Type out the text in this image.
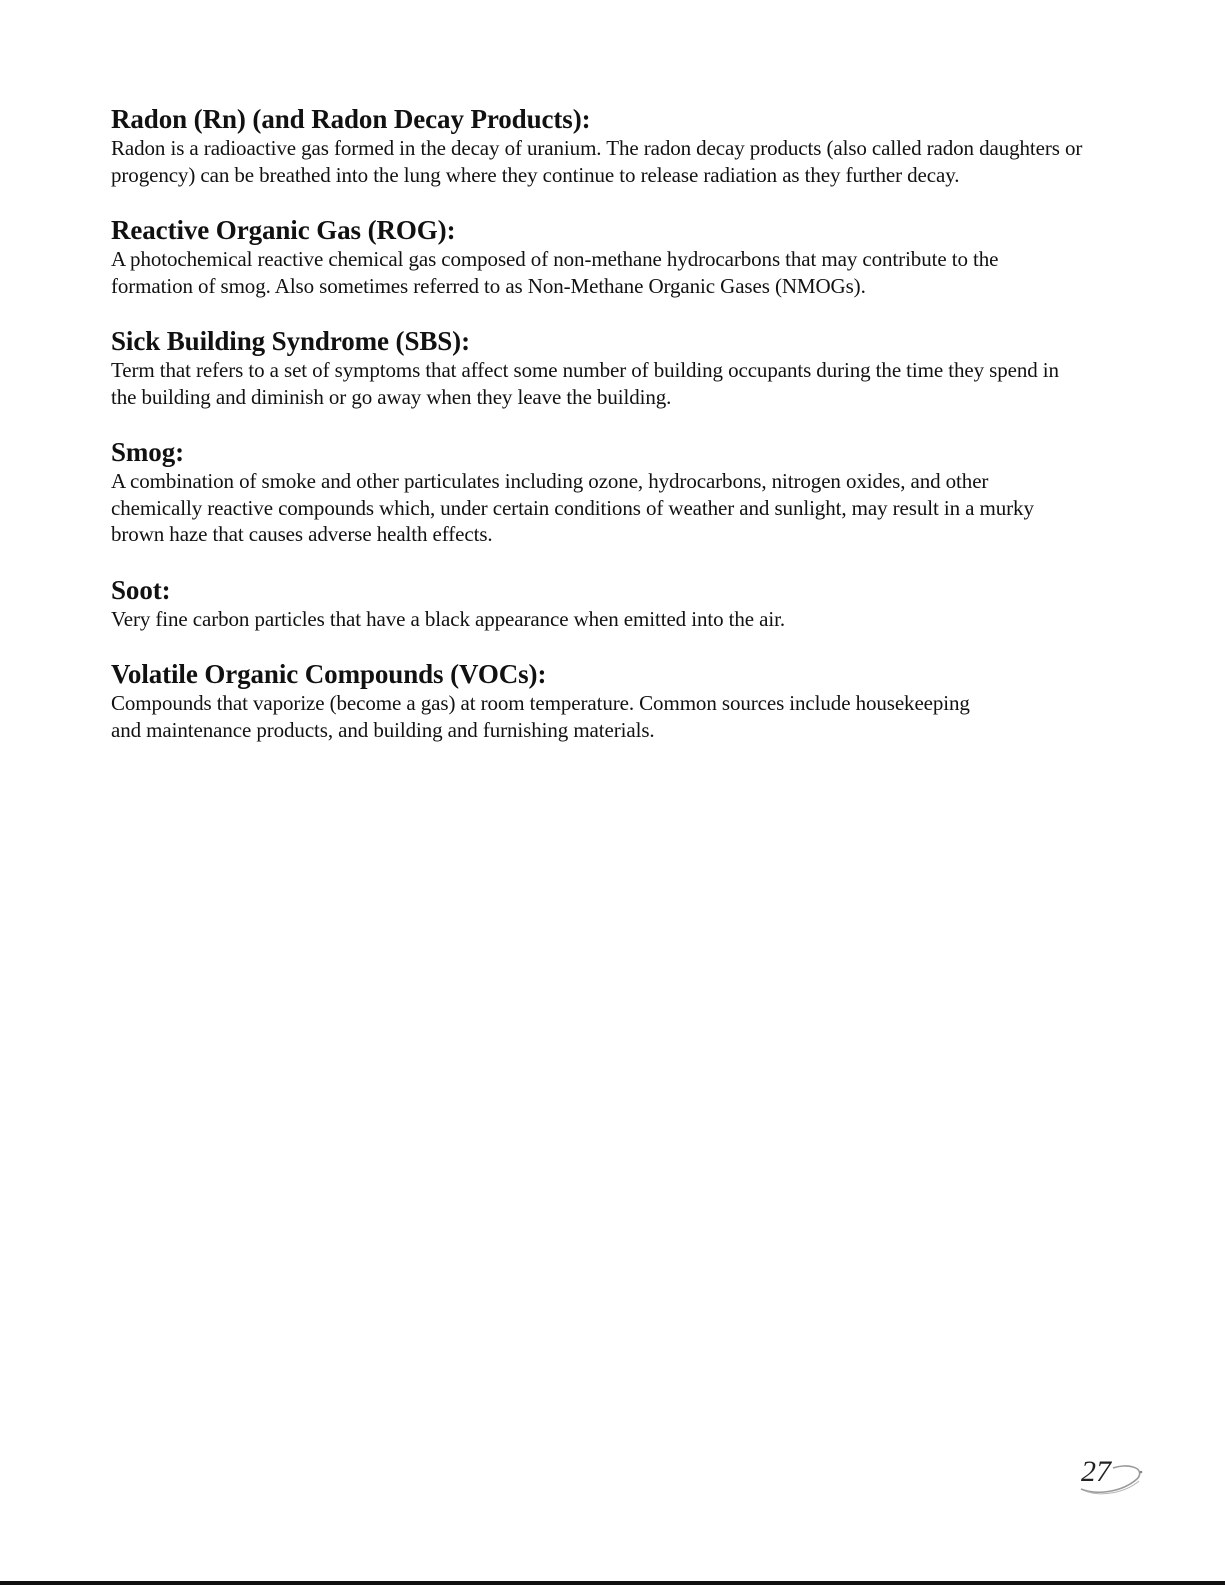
Radon (Rn) (and Radon Decay Products):

Radon is a radioactive gas formed in the decay of uranium. The radon decay products (also called radon daughters or progency) can be breathed into the lung where they continue to release radiation as they further decay.

Reactive Organic Gas (ROG):

A photochemical reactive chemical gas composed of non-methane hydrocarbons that may contribute to the formation of smog. Also sometimes referred to as Non-Methane Organic Gases (NMOGs).

Sick Building Syndrome (SBS):

Term that refers to a set of symptoms that affect some number of building occupants during the time they spend in the building and diminish or go away when they leave the building.

Smog:

A combination of smoke and other particulates including ozone, hydrocarbons, nitrogen oxides, and other chemically reactive compounds which, under certain conditions of weather and sunlight, may result in a murky brown haze that causes adverse health effects.

Soot:

Very fine carbon particles that have a black appearance when emitted into the air.

Volatile Organic Compounds (VOCs):

Compounds that vaporize (become a gas) at room temperature. Common sources include housekeeping and maintenance products, and building and furnishing materials.

27
